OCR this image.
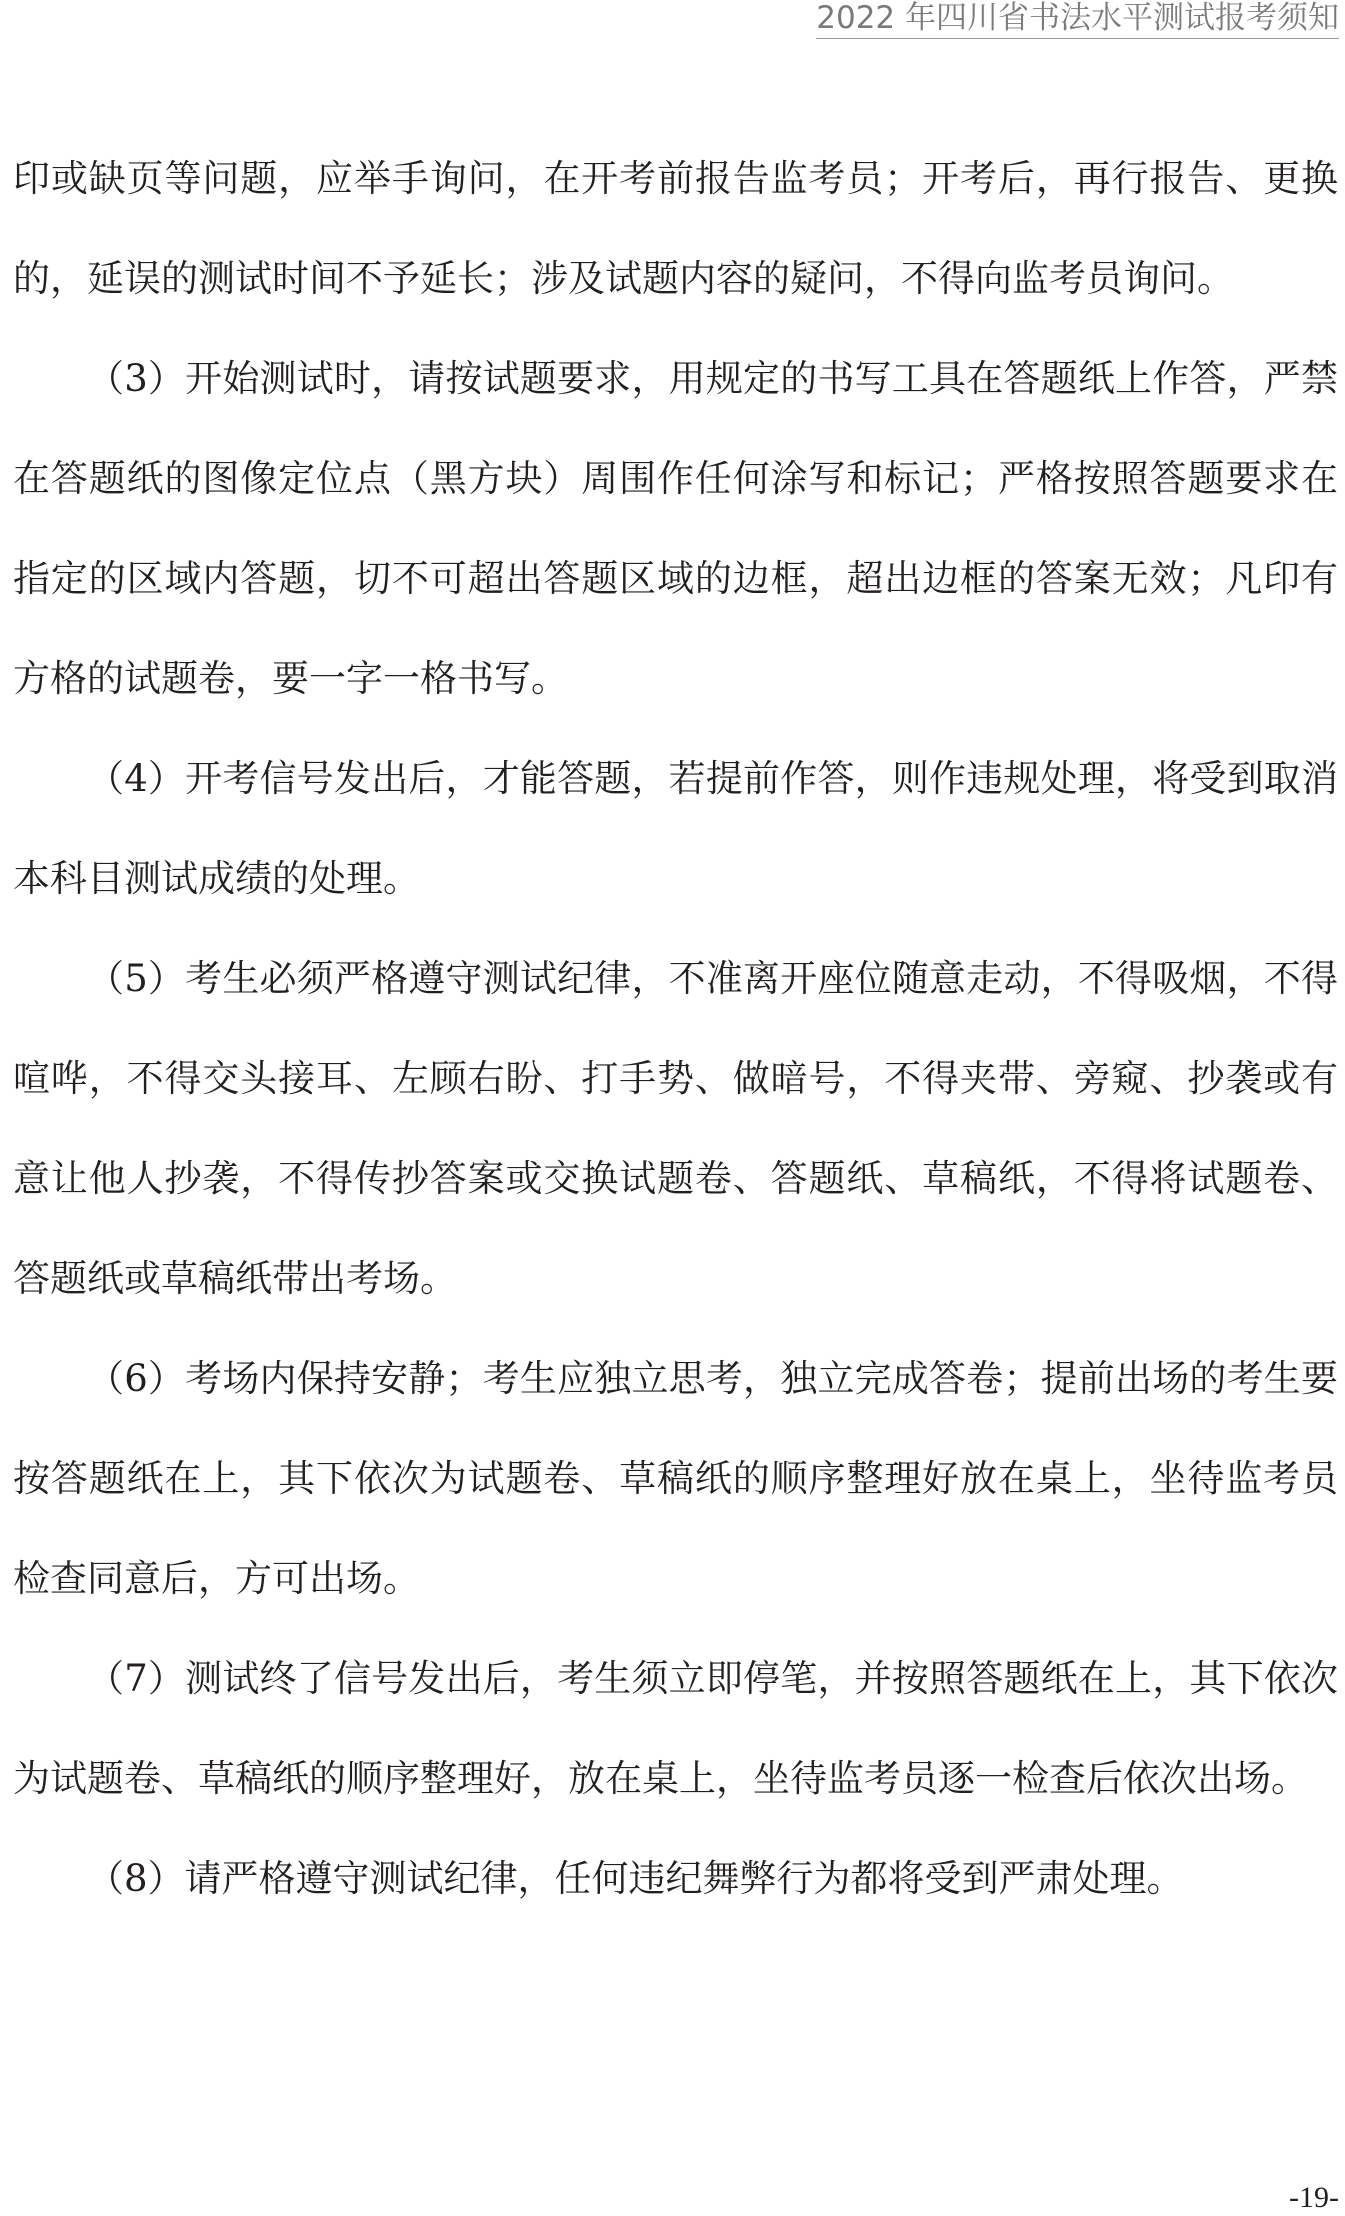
2022 年四川省书法水平测试报考须知

印或缺页等问题，应举手询问，在开考前报告监考员；开考后，再行报告、更换的，延误的测试时间不予延长；涉及试题内容的疑问，不得向监考员询问。

（3）开始测试时，请按试题要求，用规定的书写工具在答题纸上作答，严禁在答题纸的图像定位点（黑方块）周围作任何涂写和标记；严格按照答题要求在指定的区域内答题，切不可超出答题区域的边框，超出边框的答案无效；凡印有方格的试题卷，要一字一格书写。

（4）开考信号发出后，才能答题，若提前作答，则作违规处理，将受到取消本科目测试成绩的处理。

（5）考生必须严格遵守测试纪律，不准离开座位随意走动，不得吸烟，不得喧哗，不得交头接耳、左顾右盼、打手势、做暗号，不得夹带、旁窥、抄袭或有意让他人抄袭，不得传抄答案或交换试题卷、答题纸、草稿纸，不得将试题卷、答题纸或草稿纸带出考场。

（6）考场内保持安静；考生应独立思考，独立完成答卷；提前出场的考生要按答题纸在上，其下依次为试题卷、草稿纸的顺序整理好放在桌上，坐待监考员检查同意后，方可出场。

（7）测试终了信号发出后，考生须立即停笔，并按照答题纸在上，其下依次为试题卷、草稿纸的顺序整理好，放在桌上，坐待监考员逐一检查后依次出场。

（8）请严格遵守测试纪律，任何违纪舞弊行为都将受到严肃处理。

-19-
